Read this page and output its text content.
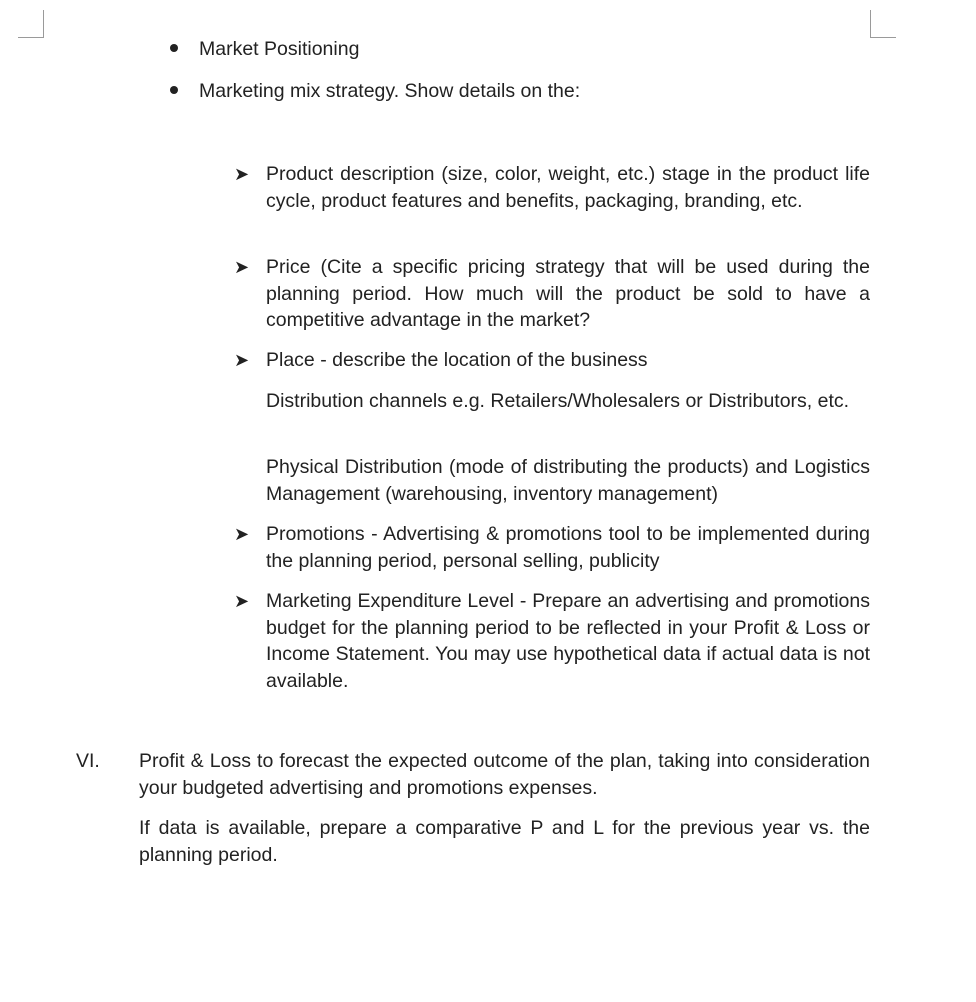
Market Positioning
Marketing mix strategy. Show details on the:
➤ Product description (size, color, weight, etc.) stage in the product life cycle, product features and benefits, packaging, branding, etc.
➤ Price (Cite a specific pricing strategy that will be used during the planning period. How much will the product be sold to have a competitive advantage in the market?
➤ Place - describe the location of the business
Distribution channels e.g. Retailers/Wholesalers or Distributors, etc.
Physical Distribution (mode of distributing the products) and Logistics Management (warehousing, inventory management)
➤ Promotions - Advertising & promotions tool to be implemented during the planning period, personal selling, publicity
➤ Marketing Expenditure Level - Prepare an advertising and promotions budget for the planning period to be reflected in your Profit & Loss or Income Statement. You may use hypothetical data if actual data is not available.
VI. Profit & Loss to forecast the expected outcome of the plan, taking into consideration your budgeted advertising and promotions expenses.
If data is available, prepare a comparative P and L for the previous year vs. the planning period.
